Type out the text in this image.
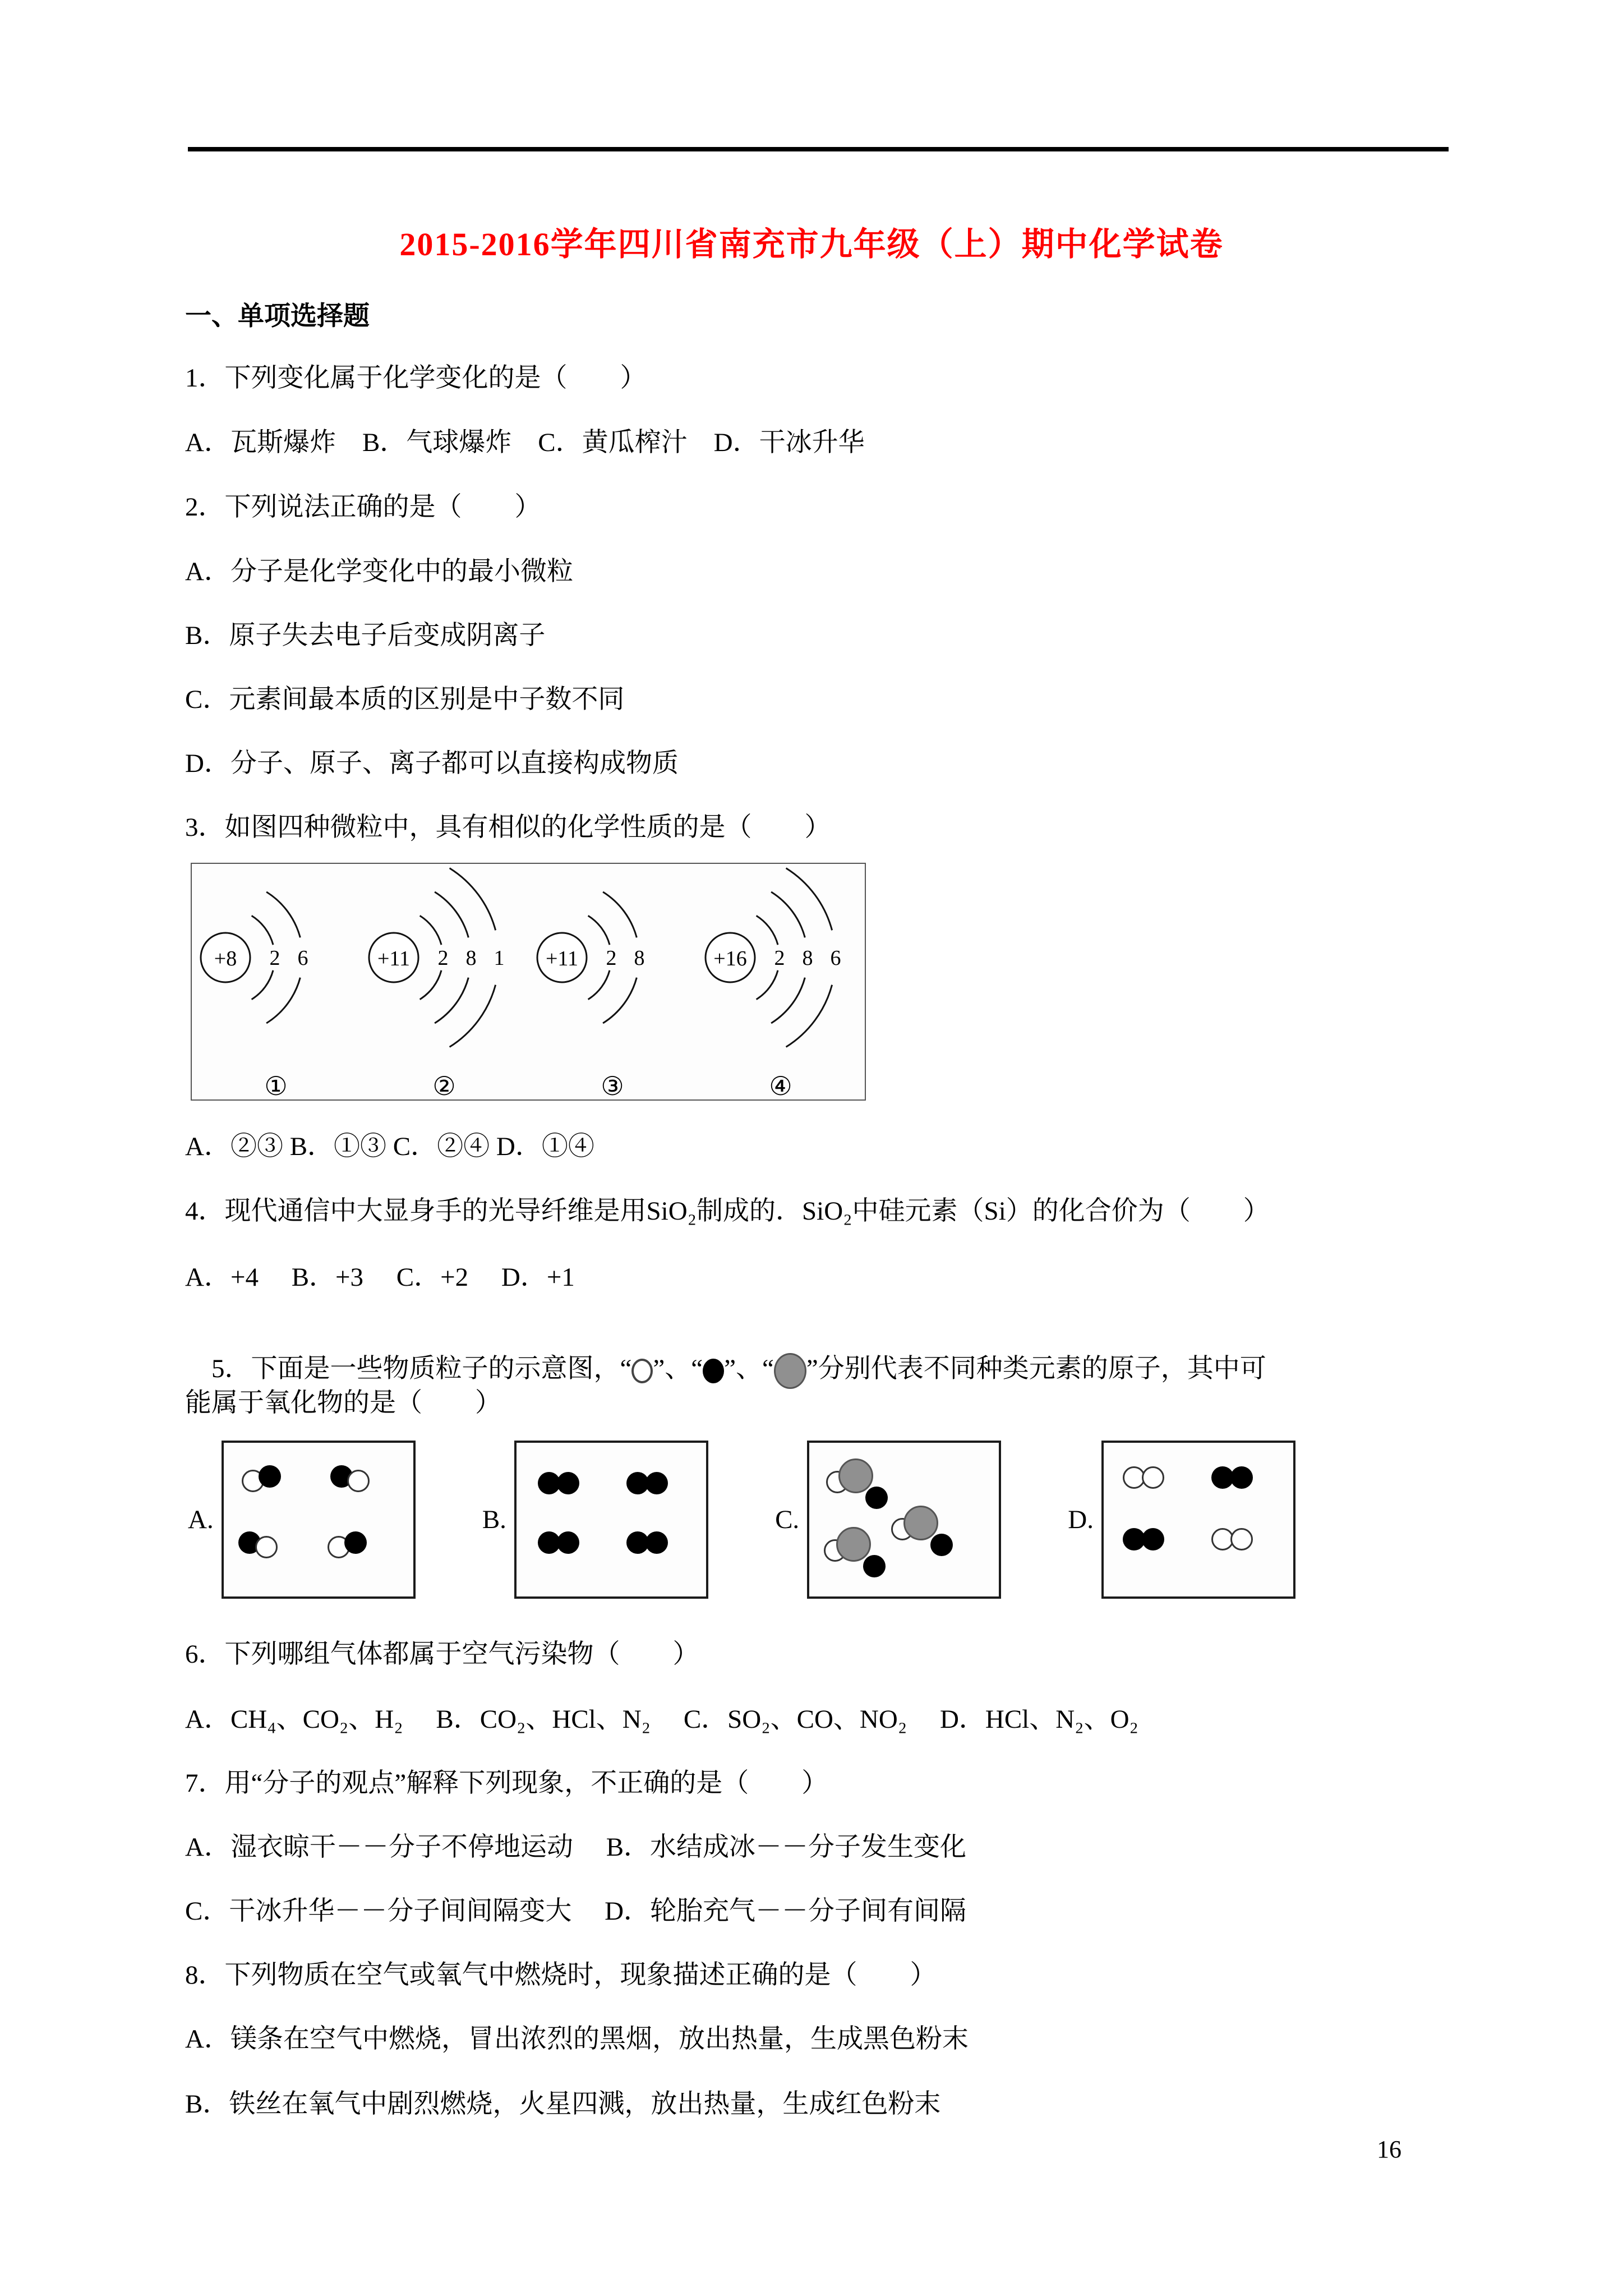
2015-2016学年四川省南充市九年级（上）期中化学试卷
一、单项选择题
1．下列变化属于化学变化的是（　　）
A．瓦斯爆炸　B．气球爆炸　C．黄瓜榨汁　D．干冰升华
2．下列说法正确的是（　　）
A．分子是化学变化中的最小微粒
B．原子失去电子后变成阴离子
C．元素间最本质的区别是中子数不同
D．分子、原子、离子都可以直接构成物质
3．如图四种微粒中，具有相似的化学性质的是（　　）
+8 2 6
①
+11 2 8 1
②
+11 2 8
③
+16 2 8 6
④
A．②③ B．①③ C．②④ D．①④
4．现代通信中大显身手的光导纤维是用SiO₂制成的．SiO₂中硅元素（Si）的化合价为（　　）
A．+4　 B．+3　 C．+2　 D．+1

5．下面是一些物质粒子的示意图，“ ”、“ ”、“ ”分别代表不同种类元素的原子，其中可

能属于氧化物的是（　　）
A.	B.	C.	D.
6．下列哪组气体都属于空气污染物（　　）
A．CH₄、CO₂、H₂　 B．CO₂、HCl、N₂　 C．SO₂、CO、NO₂　 D．HCl、N₂、O₂
7．用“分子的观点”解释下列现象，不正确的是（　　）
A．湿衣晾干－－分子不停地运动　 B．水结成冰－－分子发生变化
C．干冰升华－－分子间间隔变大　 D．轮胎充气－－分子间有间隔
8．下列物质在空气或氧气中燃烧时，现象描述正确的是（　　）
A．镁条在空气中燃烧，冒出浓烈的黑烟，放出热量，生成黑色粉末
B．铁丝在氧气中剧烈燃烧，火星四溅，放出热量，生成红色粉末
16
